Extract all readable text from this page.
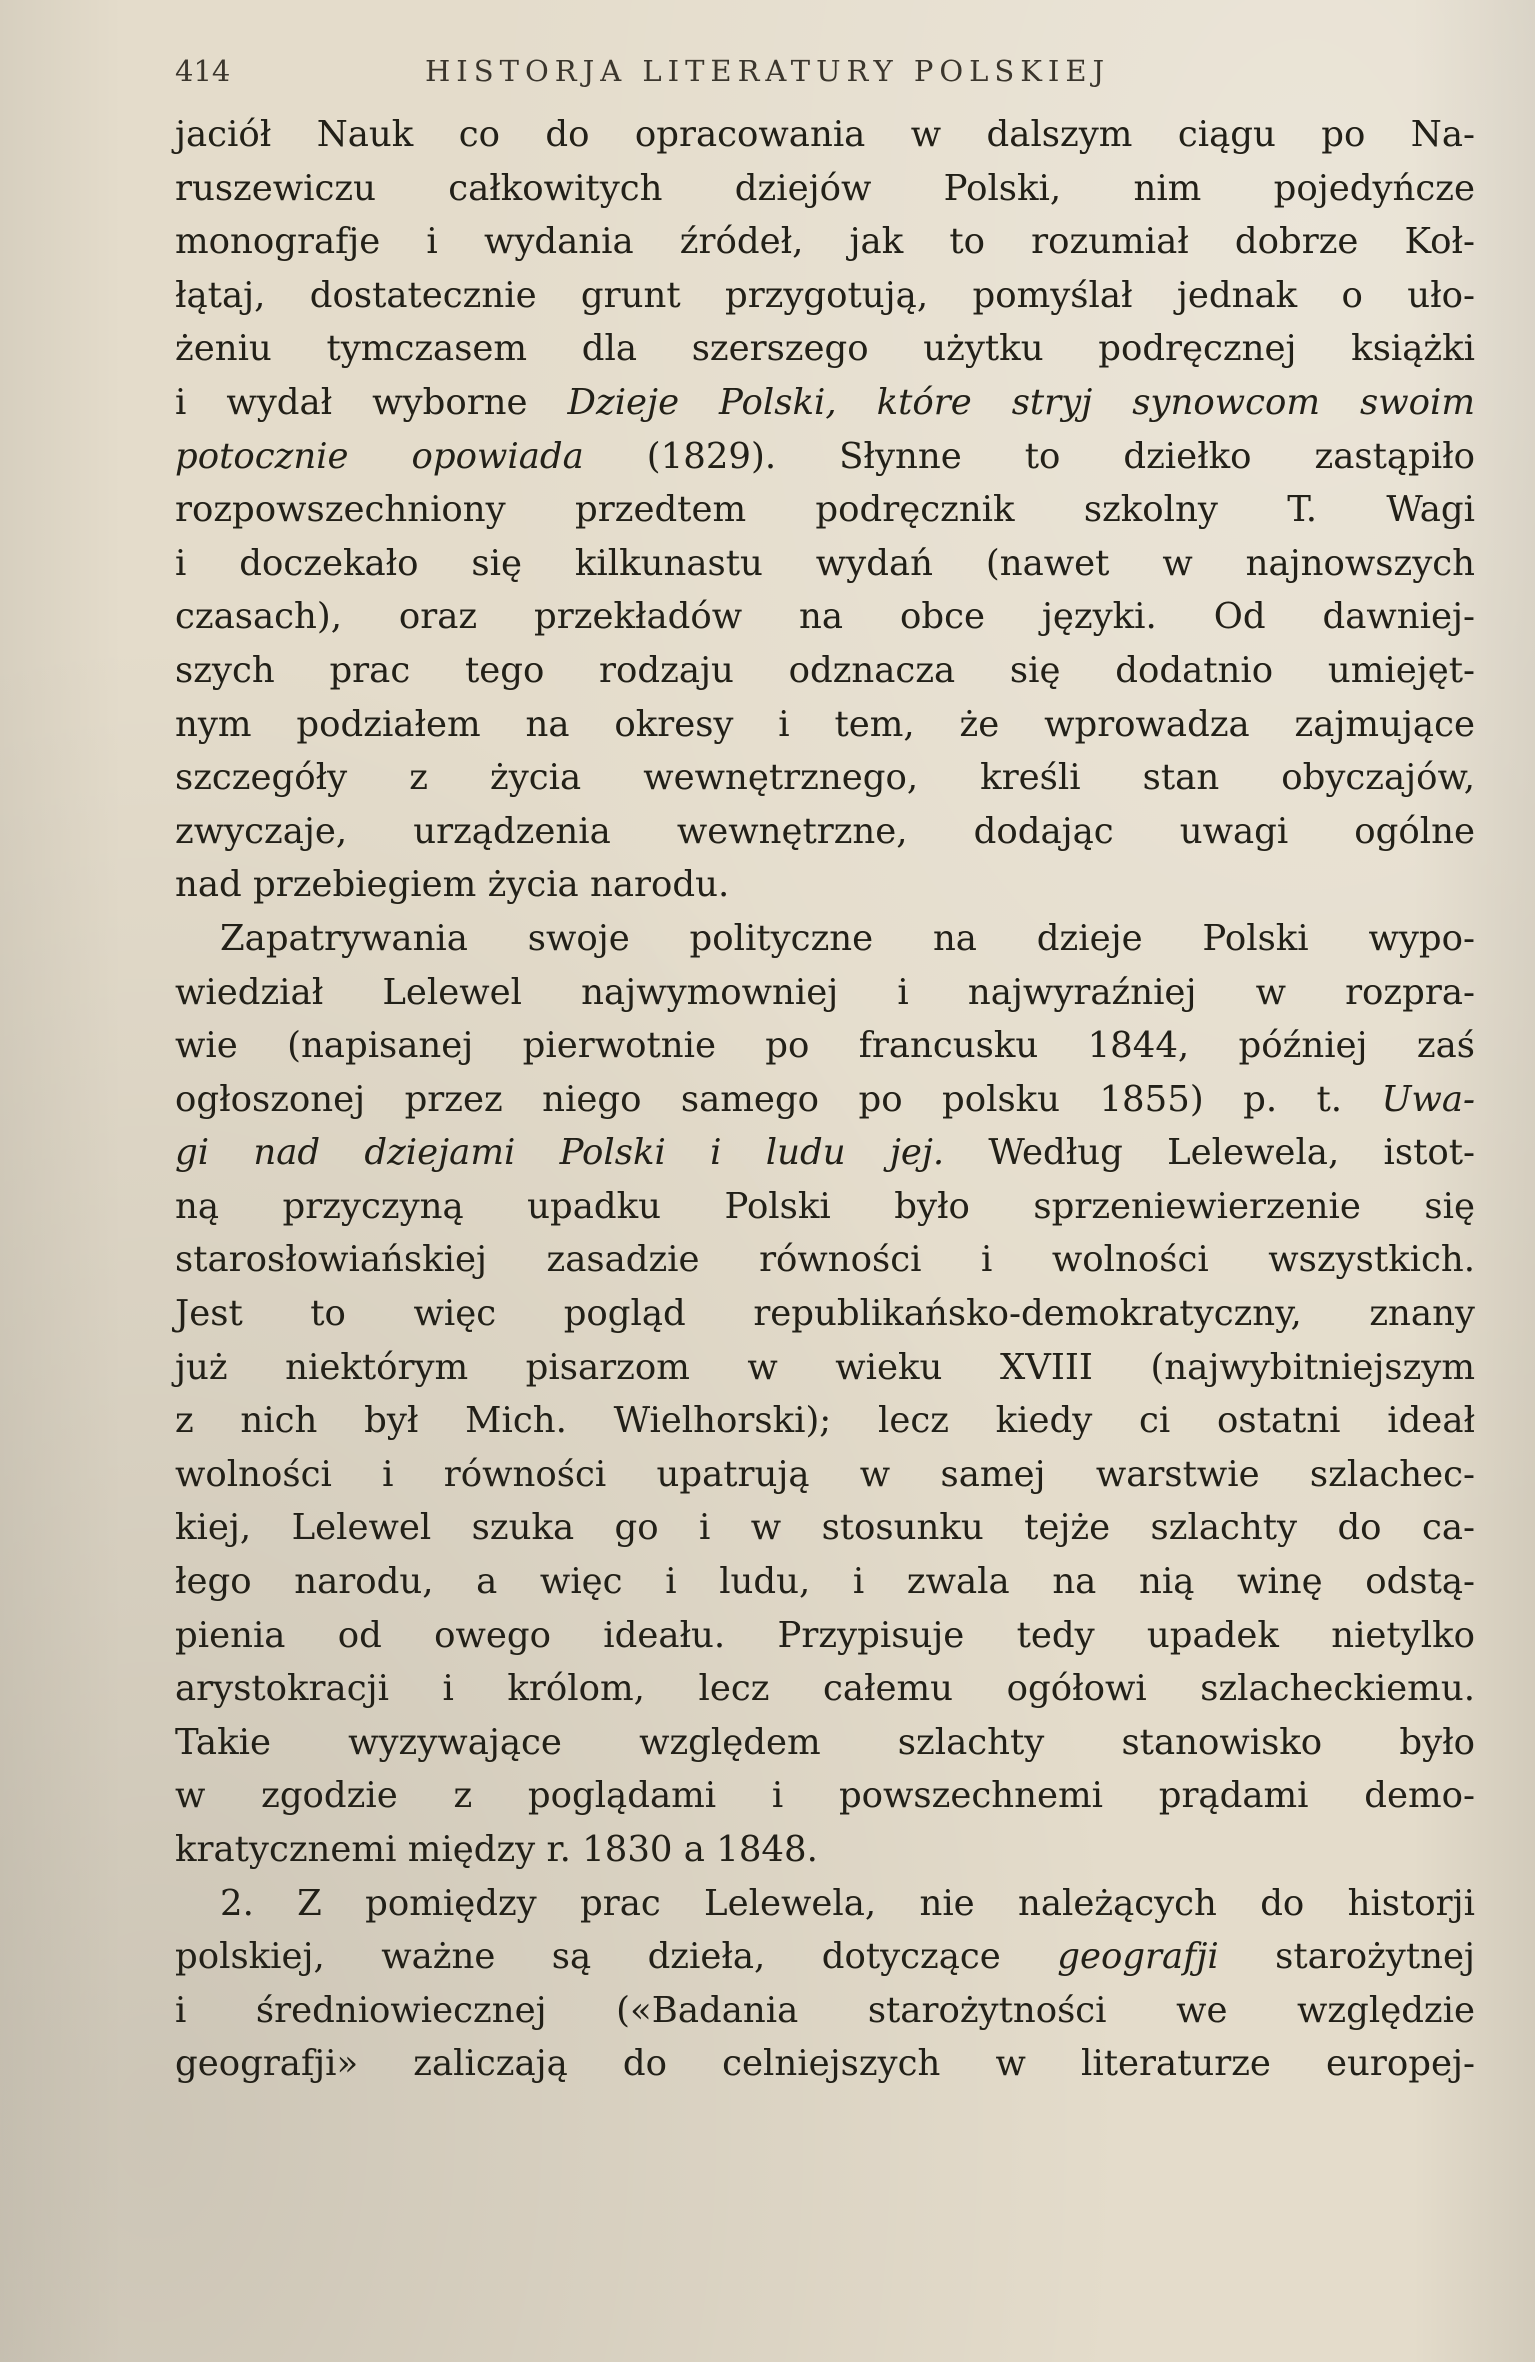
414	HISTORJA LITERATURY POLSKIEJ
jaciół Nauk co do opracowania w dalszym ciągu po Na-
ruszewiczu całkowitych dziejów Polski, nim pojedyńcze
monografje i wydania źródeł, jak to rozumiał dobrze Koł-
łątaj, dostatecznie grunt przygotują, pomyślał jednak o uło-
żeniu tymczasem dla szerszego użytku podręcznej książki
i wydał wyborne Dzieje Polski, które stryj synowcom swoim
potocznie opowiada (1829). Słynne to dziełko zastąpiło
rozpowszechniony przedtem podręcznik szkolny T. Wagi
i doczekało się kilkunastu wydań (nawet w najnowszych
czasach), oraz przekładów na obce języki. Od dawniej-
szych prac tego rodzaju odznacza się dodatnio umiejęt-
nym podziałem na okresy i tem, że wprowadza zajmujące
szczegóły z życia wewnętrznego, kreśli stan obyczajów,
zwyczaje, urządzenia wewnętrzne, dodając uwagi ogólne
nad przebiegiem życia narodu.
Zapatrywania swoje polityczne na dzieje Polski wypo-
wiedział Lelewel najwymowniej i najwyraźniej w rozpra-
wie (napisanej pierwotnie po francusku 1844, później zaś
ogłoszonej przez niego samego po polsku 1855) p. t. Uwa-
gi nad dziejami Polski i ludu jej. Według Lelewela, istot-
ną przyczyną upadku Polski było sprzeniewierzenie się
starosłowiańskiej zasadzie równości i wolności wszystkich.
Jest to więc pogląd republikańsko-demokratyczny, znany
już niektórym pisarzom w wieku XVIII (najwybitniejszym
z nich był Mich. Wielhorski); lecz kiedy ci ostatni ideał
wolności i równości upatrują w samej warstwie szlachec-
kiej, Lelewel szuka go i w stosunku tejże szlachty do ca-
łego narodu, a więc i ludu, i zwala na nią winę odstą-
pienia od owego ideału. Przypisuje tedy upadek nietylko
arystokracji i królom, lecz całemu ogółowi szlacheckiemu.
Takie wyzywające względem szlachty stanowisko było
w zgodzie z poglądami i powszechnemi prądami demo-
kratycznemi między r. 1830 a 1848.
2. Z pomiędzy prac Lelewela, nie należących do historji
polskiej, ważne są dzieła, dotyczące geografji starożytnej
i średniowiecznej («Badania starożytności we względzie
geografji» zaliczają do celniejszych w literaturze europej-
